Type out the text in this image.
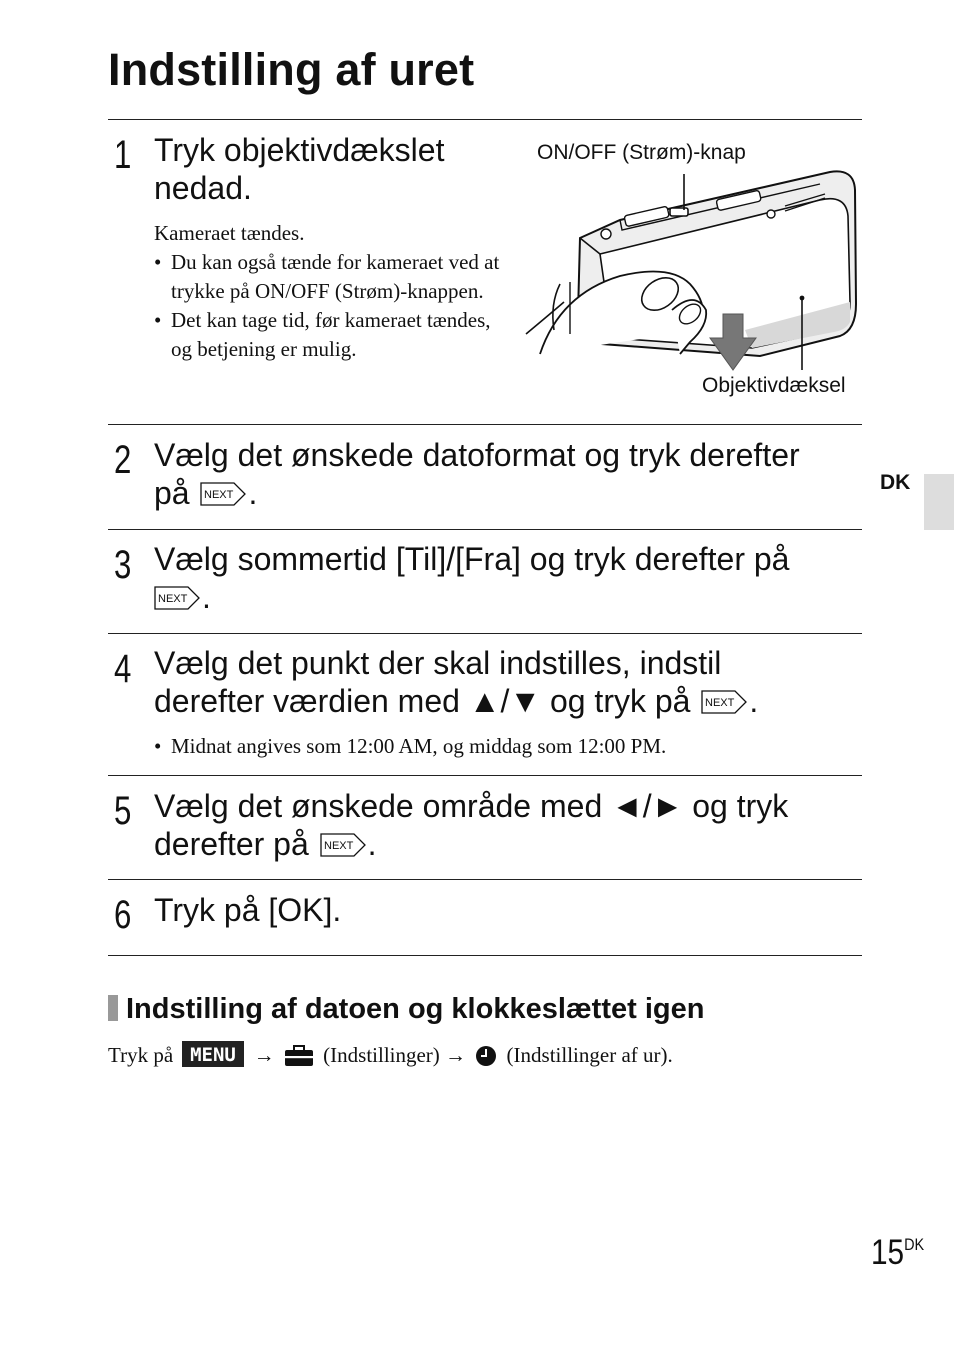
Indstilling af uret
1 Tryk objektivdækslet
nedad.
Kameraet tændes.
• Du kan også tænde for kameraet ved at trykke på ON/OFF (Strøm)-knappen.
• Det kan tage tid, før kameraet tændes, og betjening er mulig.
ON/OFF (Strøm)-knap
Objektivdæksel
2 Vælg det ønskede datoformat og tryk derefter
på NEXT .
3 Vælg sommertid [Til]/[Fra] og tryk derefter på
NEXT .
4 Vælg det punkt der skal indstilles, indstil
derefter værdien med ▲/▼ og tryk på NEXT .
• Midnat angives som 12:00 AM, og middag som 12:00 PM.
5 Vælg det ønskede område med ◄/► og tryk
derefter på NEXT .
6 Tryk på [OK].
DK
Indstilling af datoen og klokkeslættet igen
Tryk på MENU → (Indstillinger) → (Indstillinger af ur).
$15^{DK}$
